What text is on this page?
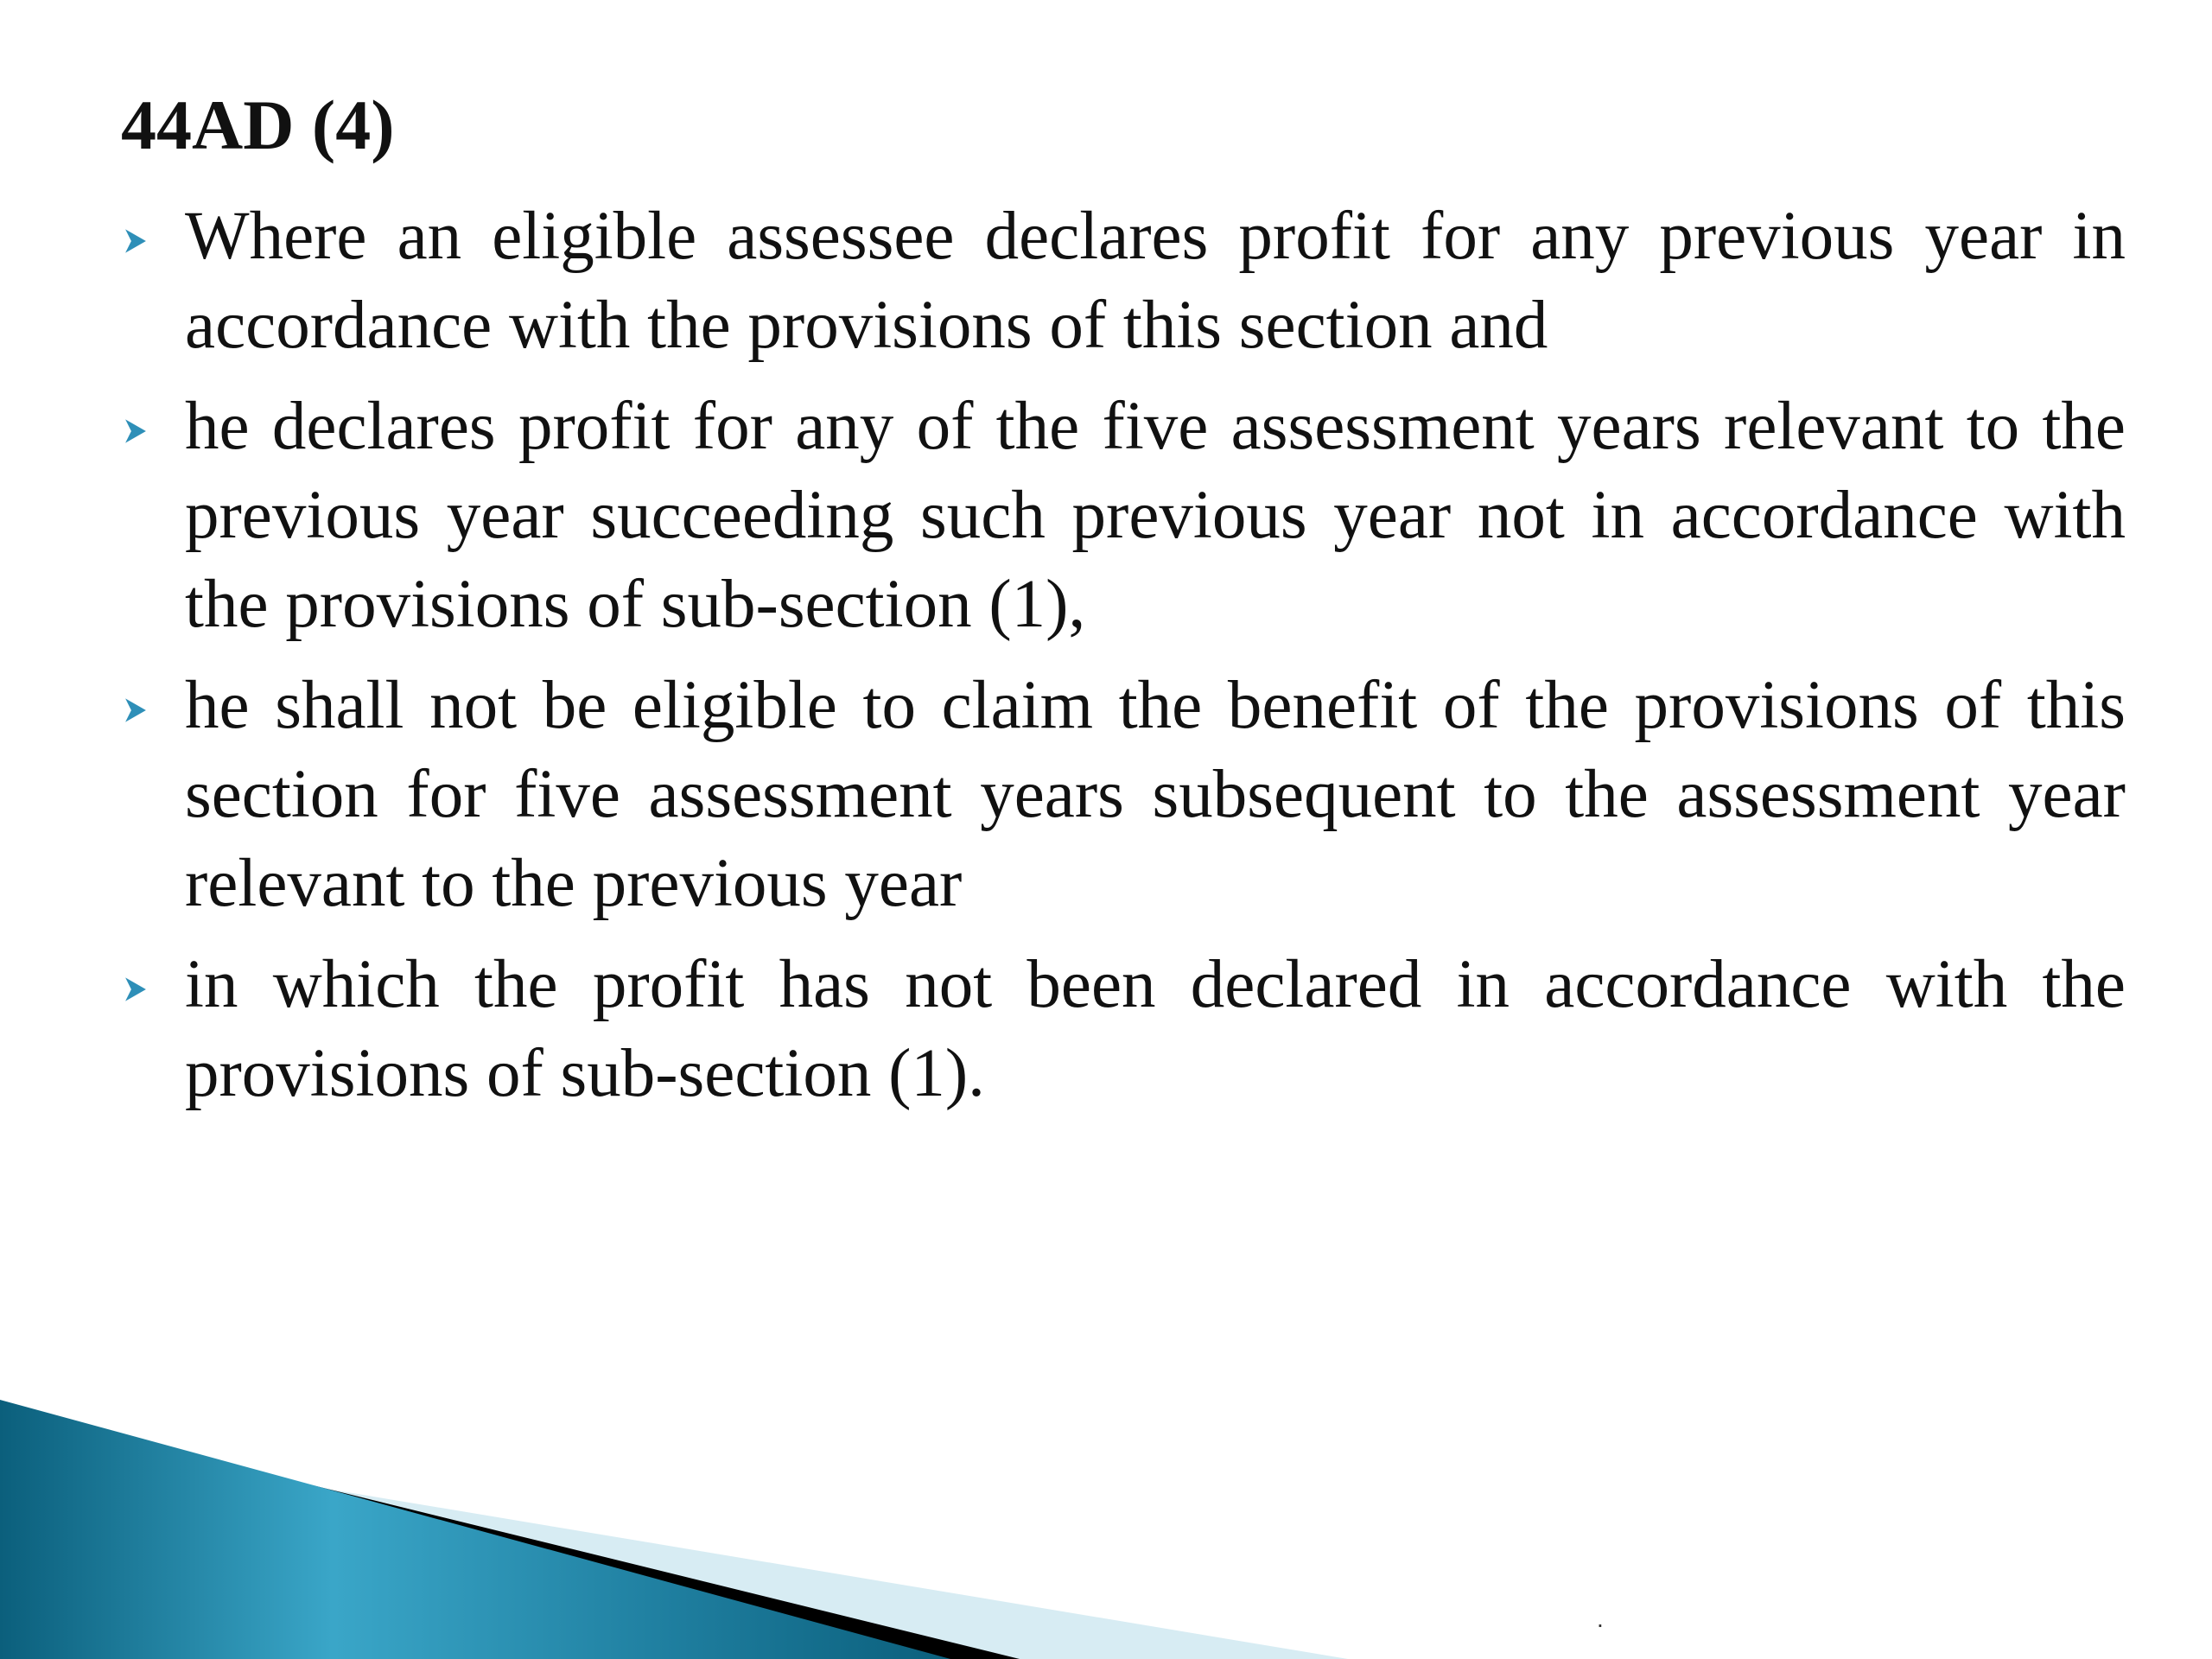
44AD (4)
Where an eligible assessee declares profit for any previous year in accordance with the provisions of this section and
he declares profit for any of the five assessment years relevant to the previous year succeeding such previous year not in accordance with the provisions of sub-section (1),
he shall not be eligible to claim the benefit of the provisions of this section for five assessment years subsequent to the assessment year relevant to the previous year
in which the profit has not been declared in accordance with the provisions of sub-section (1).
.
